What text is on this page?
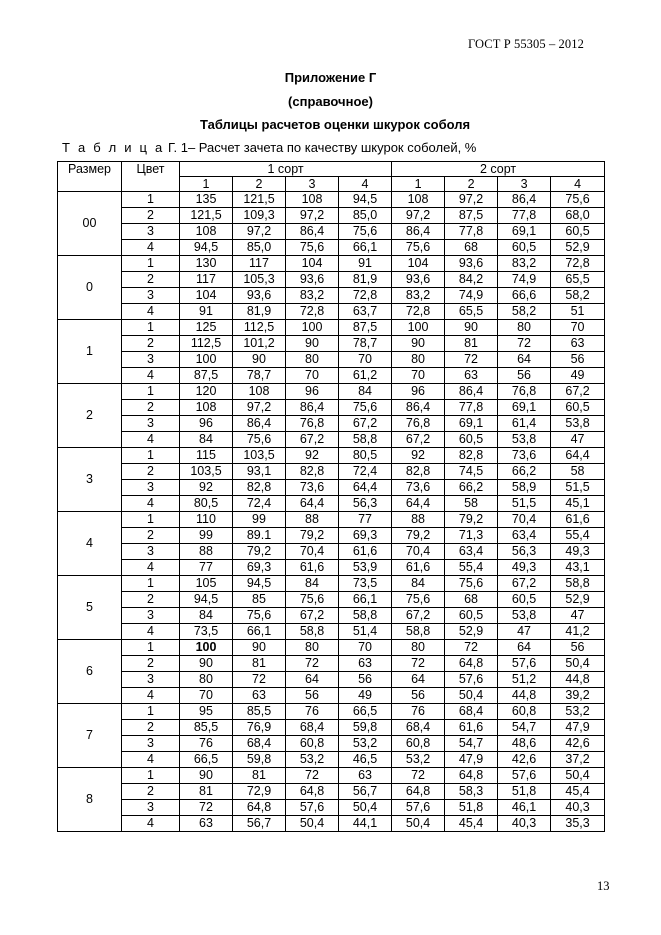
ГОСТ Р 55305 – 2012
Приложение Г
(справочное)
Таблицы расчетов оценки шкурок соболя
Т а б л и ц а Г. 1– Расчет зачета по качеству шкурок соболей, %
Размер	Цвет	1 сорт				2 сорт			
		1	2	3	4	1	2	3	4
00	1	135	121,5	108	94,5	108	97,2	86,4	75,6
	2	121,5	109,3	97,2	85,0	97,2	87,5	77,8	68,0
	3	108	97,2	86,4	75,6	86,4	77,8	69,1	60,5
	4	94,5	85,0	75,6	66,1	75,6	68	60,5	52,9
0	1	130	117	104	91	104	93,6	83,2	72,8
	2	117	105,3	93,6	81,9	93,6	84,2	74,9	65,5
	3	104	93,6	83,2	72,8	83,2	74,9	66,6	58,2
	4	91	81,9	72,8	63,7	72,8	65,5	58,2	51
1	1	125	112,5	100	87,5	100	90	80	70
	2	112,5	101,2	90	78,7	90	81	72	63
	3	100	90	80	70	80	72	64	56
	4	87,5	78,7	70	61,2	70	63	56	49
2	1	120	108	96	84	96	86,4	76,8	67,2
	2	108	97,2	86,4	75,6	86,4	77,8	69,1	60,5
	3	96	86,4	76,8	67,2	76,8	69,1	61,4	53,8
	4	84	75,6	67,2	58,8	67,2	60,5	53,8	47
3	1	115	103,5	92	80,5	92	82,8	73,6	64,4
	2	103,5	93,1	82,8	72,4	82,8	74,5	66,2	58
	3	92	82,8	73,6	64,4	73,6	66,2	58,9	51,5
	4	80,5	72,4	64,4	56,3	64,4	58	51,5	45,1
4	1	110	99	88	77	88	79,2	70,4	61,6
	2	99	89.1	79,2	69,3	79,2	71,3	63,4	55,4
	3	88	79,2	70,4	61,6	70,4	63,4	56,3	49,3
	4	77	69,3	61,6	53,9	61,6	55,4	49,3	43,1
5	1	105	94,5	84	73,5	84	75,6	67,2	58,8
	2	94,5	85	75,6	66,1	75,6	68	60,5	52,9
	3	84	75,6	67,2	58,8	67,2	60,5	53,8	47
	4	73,5	66,1	58,8	51,4	58,8	52,9	47	41,2
6	1	100	90	80	70	80	72	64	56
	2	90	81	72	63	72	64,8	57,6	50,4
	3	80	72	64	56	64	57,6	51,2	44,8
	4	70	63	56	49	56	50,4	44,8	39,2
7	1	95	85,5	76	66,5	76	68,4	60,8	53,2
	2	85,5	76,9	68,4	59,8	68,4	61,6	54,7	47,9
	3	76	68,4	60,8	53,2	60,8	54,7	48,6	42,6
	4	66,5	59,8	53,2	46,5	53,2	47,9	42,6	37,2
8	1	90	81	72	63	72	64,8	57,6	50,4
	2	81	72,9	64,8	56,7	64,8	58,3	51,8	45,4
	3	72	64,8	57,6	50,4	57,6	51,8	46,1	40,3
	4	63	56,7	50,4	44,1	50,4	45,4	40,3	35,3
13
